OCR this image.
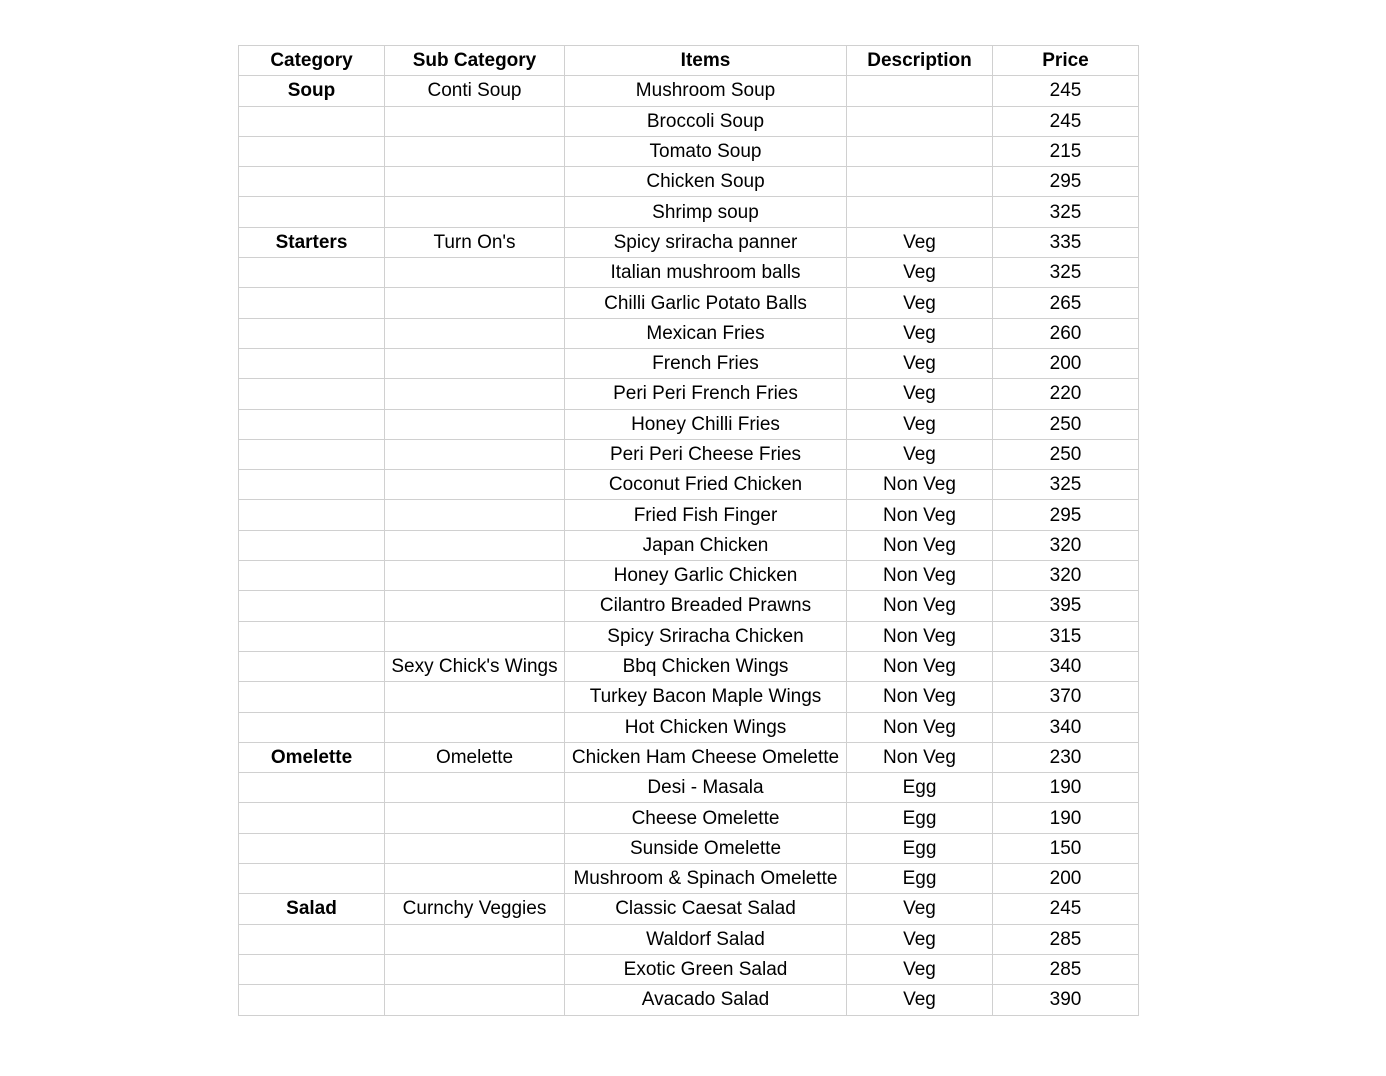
Category	Sub Category	Items	Description	Price
Soup	Conti Soup	Mushroom Soup		245
		Broccoli Soup		245
		Tomato Soup		215
		Chicken Soup		295
		Shrimp soup		325
Starters	Turn On's	Spicy sriracha panner	Veg	335
		Italian mushroom balls	Veg	325
		Chilli Garlic Potato Balls	Veg	265
		Mexican Fries	Veg	260
		French Fries	Veg	200
		Peri Peri French Fries	Veg	220
		Honey Chilli Fries	Veg	250
		Peri Peri Cheese Fries	Veg	250
		Coconut Fried Chicken	Non Veg	325
		Fried Fish Finger	Non Veg	295
		Japan Chicken	Non Veg	320
		Honey Garlic Chicken	Non Veg	320
		Cilantro Breaded Prawns	Non Veg	395
		Spicy Sriracha Chicken	Non Veg	315
	Sexy Chick's Wings	Bbq Chicken Wings	Non Veg	340
		Turkey Bacon Maple Wings	Non Veg	370
		Hot Chicken Wings	Non Veg	340
Omelette	Omelette	Chicken Ham Cheese Omelette	Non Veg	230
		Desi - Masala	Egg	190
		Cheese Omelette	Egg	190
		Sunside Omelette	Egg	150
		Mushroom & Spinach Omelette	Egg	200
Salad	Curnchy Veggies	Classic Caesat Salad	Veg	245
		Waldorf Salad	Veg	285
		Exotic Green Salad	Veg	285
		Avacado Salad	Veg	390
